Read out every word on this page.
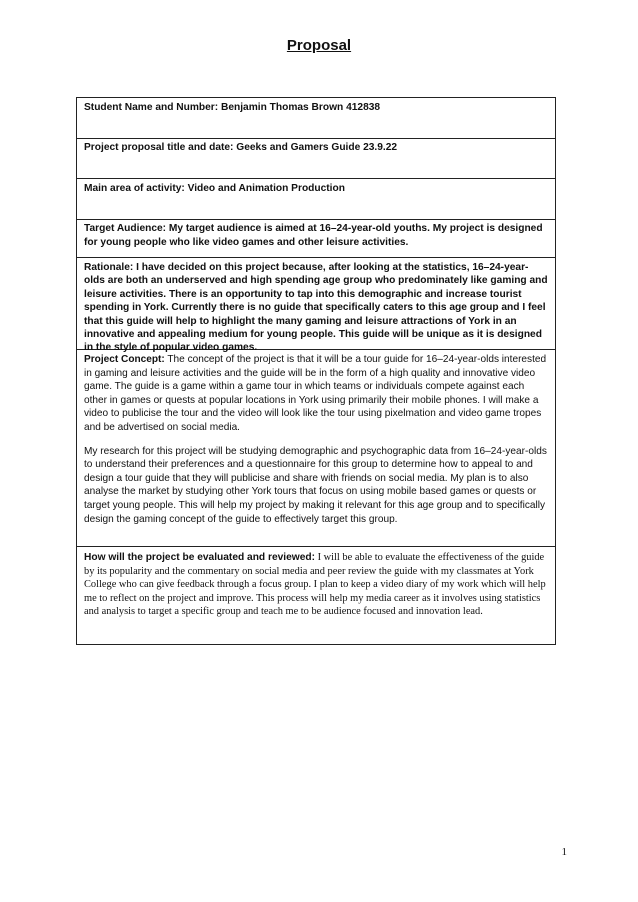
Proposal
Student Name and Number: Benjamin Thomas Brown 412838
Project proposal title and date: Geeks and Gamers Guide 23.9.22
Main area of activity: Video and Animation Production
Target Audience: My target audience is aimed at 16–24-year-old youths. My project is designed for young people who like video games and other leisure activities.
Rationale: I have decided on this project because, after looking at the statistics, 16–24-year-olds are both an underserved and high spending age group who predominately like gaming and leisure activities. There is an opportunity to tap into this demographic and increase tourist spending in York. Currently there is no guide that specifically caters to this age group and I feel that this guide will help to highlight the many gaming and leisure attractions of York in an innovative and appealing medium for young people. This guide will be unique as it is designed in the style of popular video games.

Project Concept: The concept of the project is that it will be a tour guide for 16–24-year-olds interested in gaming and leisure activities and the guide will be in the form of a high quality and innovative video game. The guide is a game within a game tour in which teams or individuals compete against each other in games or quests at popular locations in York using primarily their mobile phones. I will make a video to publicise the tour and the video will look like the tour using pixelmation and video game tropes and be advertised on social media.

My research for this project will be studying demographic and psychographic data from 16–24-year-olds to understand their preferences and a questionnaire for this group to determine how to appeal to and design a tour guide that they will publicise and share with friends on social media. My plan is to also analyse the market by studying other York tours that focus on using mobile based games or quests or target young people. This will help my project by making it relevant for this age group and to specifically design the gaming concept of the guide to effectively target this group.

How will the project be evaluated and reviewed: I will be able to evaluate the effectiveness of the guide by its popularity and the commentary on social media and peer review the guide with my classmates at York College who can give feedback through a focus group. I plan to keep a video diary of my work which will help me to reflect on the project and improve. This process will help my media career as it involves using statistics and analysis to target a specific group and teach me to be audience focused and innovation lead.
1
